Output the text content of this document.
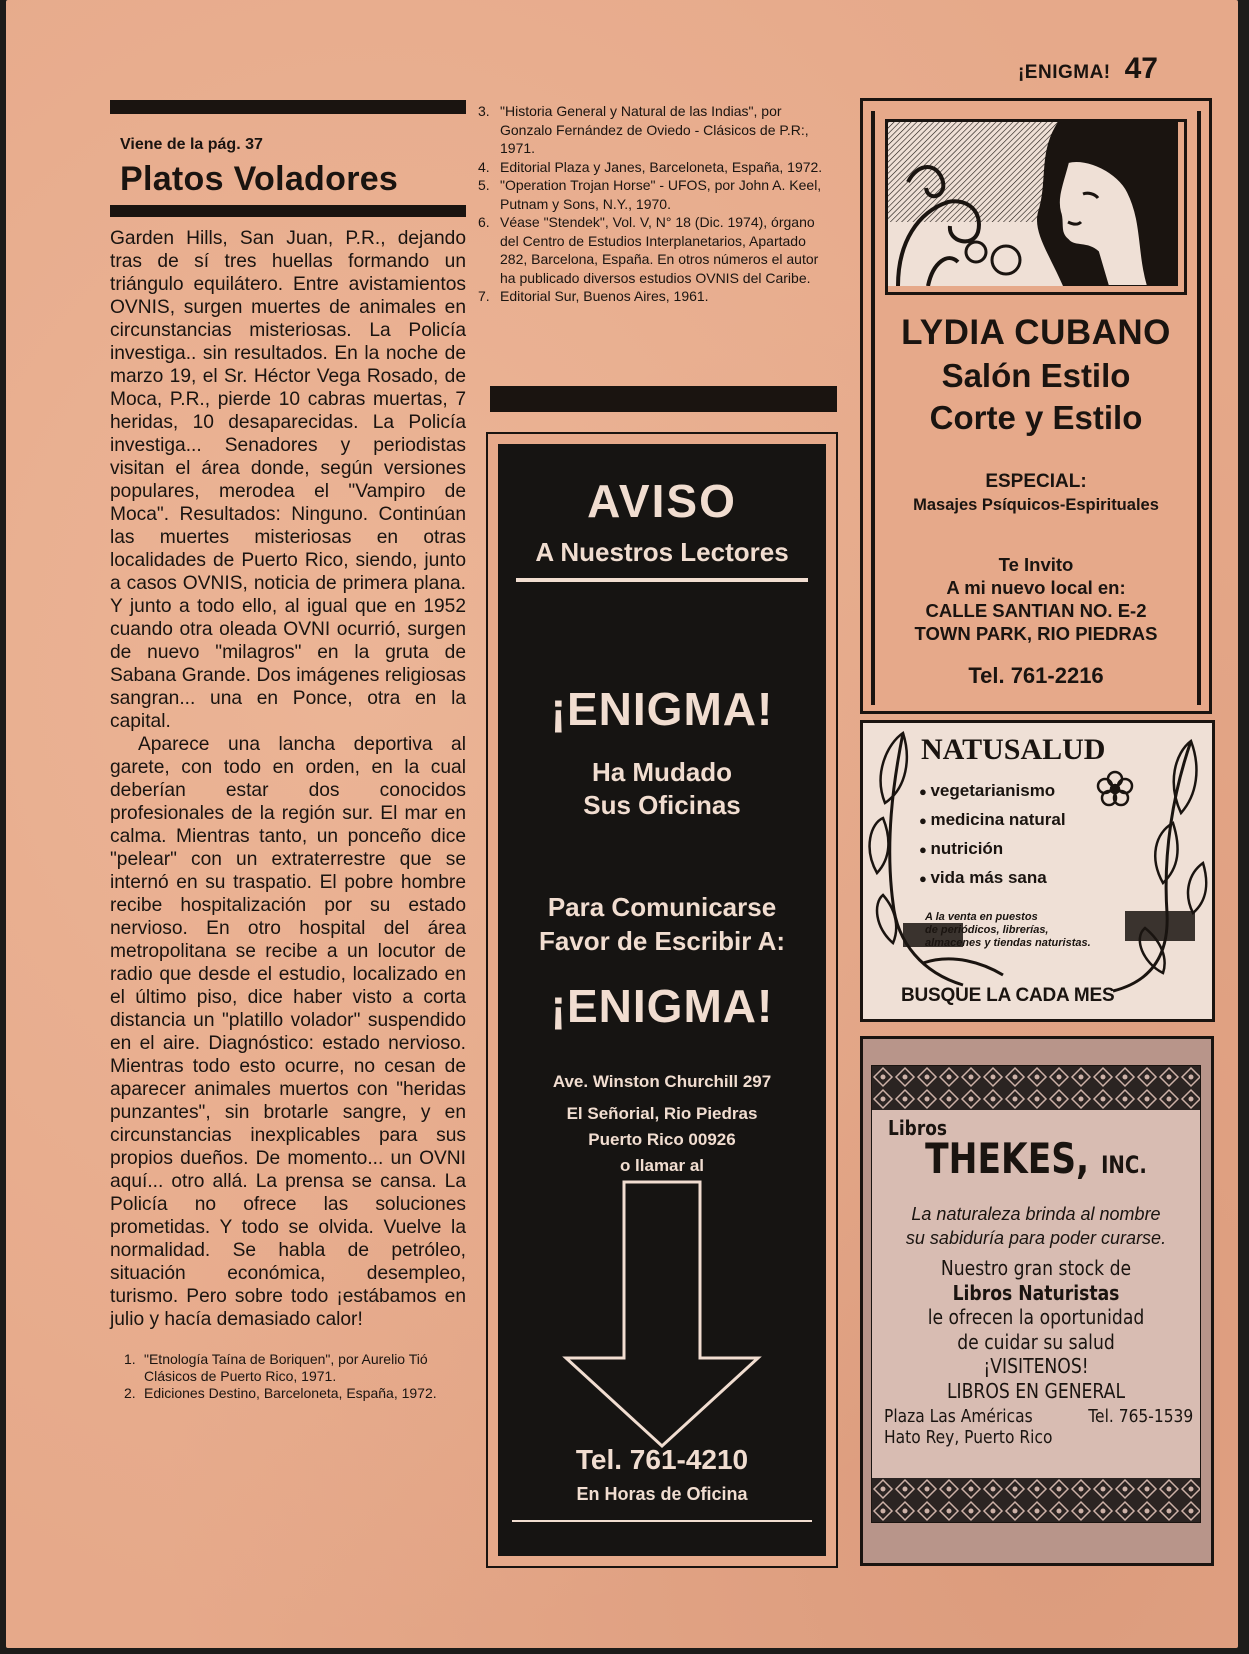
¡ENIGMA! 47
Viene de la pág. 37
Platos Voladores

Garden Hills, San Juan, P.R., dejando tras de sí tres huellas formando un triángulo equilátero. Entre avistamientos OVNIS, surgen muertes de animales en circunstancias misteriosas. La Policía investiga.. sin resultados. En la noche de marzo 19, el Sr. Héctor Vega Rosado, de Moca, P.R., pierde 10 cabras muertas, 7 heridas, 10 desaparecidas. La Policía investiga... Senadores y periodistas visitan el área donde, según versiones populares, merodea el "Vampiro de Moca". Resultados: Ninguno. Continúan las muertes misteriosas en otras localidades de Puerto Rico, siendo, junto a casos OVNIS, noticia de primera plana. Y junto a todo ello, al igual que en 1952 cuando otra oleada OVNI ocurrió, surgen de nuevo "milagros" en la gruta de Sabana Grande. Dos imágenes religiosas sangran... una en Ponce, otra en la capital.

Aparece una lancha deportiva al garete, con todo en orden, en la cual deberían estar dos conocidos profesionales de la región sur. El mar en calma. Mientras tanto, un ponceño dice "pelear" con un extraterrestre que se internó en su traspatio. El pobre hombre recibe hospitalización por su estado nervioso. En otro hospital del área metropolitana se recibe a un locutor de radio que desde el estudio, localizado en el último piso, dice haber visto a corta distancia un "platillo volador" suspendido en el aire. Diagnóstico: estado nervioso. Mientras todo esto ocurre, no cesan de aparecer animales muertos con "heridas punzantes", sin brotarle sangre, y en circunstancias inexplicables para sus propios dueños. De momento... un OVNI aquí... otro allá. La prensa se cansa. La Policía no ofrece las soluciones prometidas. Y todo se olvida. Vuelve la normalidad. Se habla de petróleo, situación económica, desempleo, turismo. Pero sobre todo ¡estábamos en julio y hacía demasiado calor!

1. "Etnología Taína de Boriquen", por Aurelio Tió Clásicos de Puerto Rico, 1971.
2. Ediciones Destino, Barceloneta, España, 1972.
3. "Historia General y Natural de las Indias", por Gonzalo Fernández de Oviedo - Clásicos de P.R:, 1971.
4. Editorial Plaza y Janes, Barceloneta, España, 1972.
5. "Operation Trojan Horse" - UFOS, por John A. Keel, Putnam y Sons, N.Y., 1970.
6. Véase "Stendek", Vol. V, N° 18 (Dic. 1974), órgano del Centro de Estudios Interplanetarios, Apartado 282, Barcelona, España. En otros números el autor ha publicado diversos estudios OVNIS del Caribe.
7. Editorial Sur, Buenos Aires, 1961.
AVISO
A Nuestros Lectores
¡ENIGMA!
Ha Mudado
Sus Oficinas
Para Comunicarse
Favor de Escribir A:
¡ENIGMA!
Ave. Winston Churchill 297
El Señorial, Rio Piedras
Puerto Rico 00926
o llamar al
Tel. 761-4210
En Horas de Oficina
LYDIA CUBANO
Salón Estilo
Corte y Estilo
ESPECIAL:
Masajes Psíquicos-Espirituales
Te Invito
A mi nuevo local en:
CALLE SANTIAN NO. E-2
TOWN PARK, RIO PIEDRAS
Tel. 761-2216
NATUSALUD
● vegetarianismo
● medicina natural
● nutrición
● vida más sana
A la venta en puestos
de periódicos, librerías,
almacenes y tiendas naturistas.
BUSQUE LA CADA MES
Libros
THEKES, INC.
La naturaleza brinda al nombre
su sabiduría para poder curarse.
Nuestro gran stock de
Libros Naturistas
le ofrecen la oportunidad
de cuidar su salud
¡VISITENOS!
LIBROS EN GENERAL
Plaza Las Américas	Tel. 765-1539
Hato Rey, Puerto Rico
